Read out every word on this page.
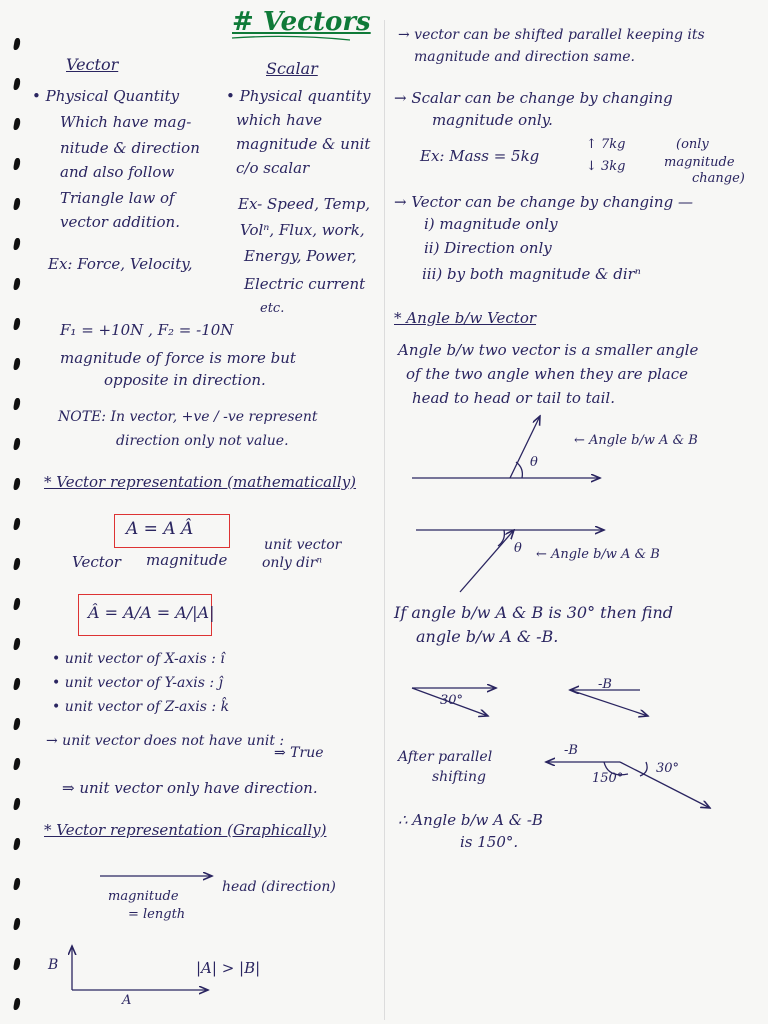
# Vectors
Vector	Scalar
• Physical Quantity
Which have mag-
nitude & direction
and also follow
Triangle law of
vector addition.
Ex: Force, Velocity,
• Physical quantity
which have
magnitude & unit
c/o scalar
Ex- Speed, Temp,
Volⁿ, Flux, work,
Energy, Power,
Electric current
etc.
F₁ = +10N , F₂ = -10N
magnitude of force is more but
opposite in direction.
NOTE: In vector, +ve / -ve represent
direction only not value.
* Vector representation (mathematically)
A = A Â
Vector magnitude
unit vector
only dirⁿ
Â = A/A = A/|A|
• unit vector of X-axis : î
• unit vector of Y-axis : ĵ
• unit vector of Z-axis : k̂
→ unit vector does not have unit :
⇒ True
⇒ unit vector only have direction.
* Vector representation (Graphically)
head (direction)
magnitude
= length
B
A
|A| > |B|
→ vector can be shifted parallel keeping its
magnitude and direction same.
→ Scalar can be change by changing
magnitude only.
Ex: Mass = 5kg
↑ 7kg
↓ 3kg
(only
magnitude
change)
→ Vector can be change by changing —
i) magnitude only
ii) Direction only
iii) by both magnitude & dirⁿ
* Angle b/w Vector
Angle b/w two vector is a smaller angle
of the two angle when they are place
head to head or tail to tail.
← Angle b/w A & B
θ
← Angle b/w A & B
θ
If angle b/w A & B is 30° then find
angle b/w A & -B.
30°
-B
After parallel
shifting
-B
150°
30°
∴ Angle b/w A & -B
is 150°.
